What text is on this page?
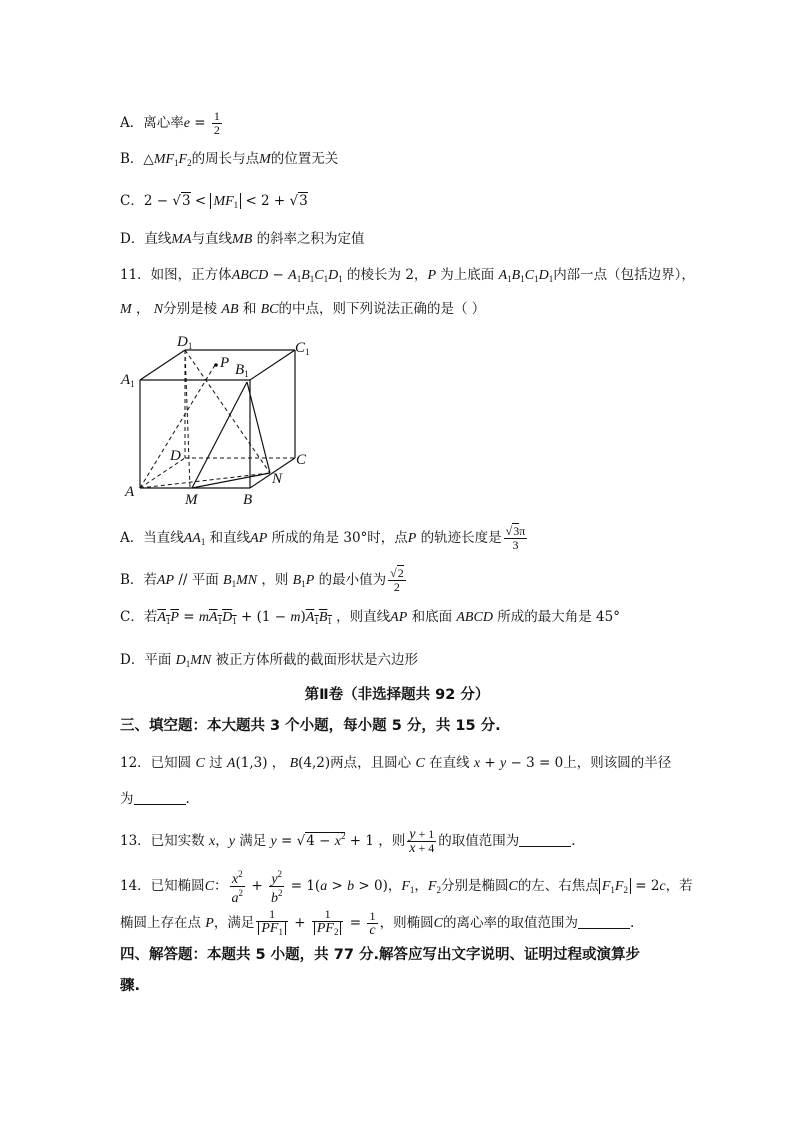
A．离心率$e = \frac{1}{2}$
B．$\triangle MF_1F_2$的周长与点M的位置无关
C．$2 - √3 < MF_1 < 2 + √3$
D．直线MA与直线MB 的斜率之积为定值
11．如图，正方体ABCD − $A_1B_1C_1D_1$ 的棱长为 2，P 为上底面 $A_1B_1C_1D_1$内部一点（包括边界），
M ， N分别是棱 AB 和 BC的中点，则下列说法正确的是（ ）
$D_1$	$C_1$
$A_1$
$B_1$
P
D	C
A	M	B
N
A．当直线$AA_1$ 和直线AP 所成的角是 30°时，点P 的轨迹长度是 $\frac{√3\pi}{3}$
B．若AP // 平面 $B_1MN$ ，则 $B_1P$ 的最小值为 $\frac{√2}{2}$
C．若$A_1P = mA_1D_1 + (1 - m)A_1B_1$ ，则直线AP 和底面 ABCD 所成的最大角是 45°
D．平面 $D_1MN$ 被正方体所截的截面形状是六边形
第Ⅱ卷（非选择题共 92 分）
三、填空题：本大题共 3 个小题，每小题 5 分，共 15 分.
12．已知圆 C 过 A(1,3) ， B(4,2)两点，且圆心 C 在直线 x + y − 3 = 0上，则该圆的半径
为	.
13．已知实数 x，y 满足 $y = √4 - x^2 + 1$ ，则 $\frac{y + 1}{x + 4}$ 的取值范围为	.
14．已知椭圆C： $\frac{x^2}{a^2} + \frac{y^2}{b^2} = 1(a > b > 0)$，$F_1$，$F_2$分别是椭圆C的左、右焦点 $F_1F_2 = 2c$，若
椭圆上存在点 P，满足 $\frac{1}{PF_1} + \frac{1}{PF_2} = \frac{1}{c}$ ，则椭圆C的离心率的取值范围为	.
四、解答题：本题共 5 小题，共 77 分.解答应写出文字说明、证明过程或演算步
骤.
